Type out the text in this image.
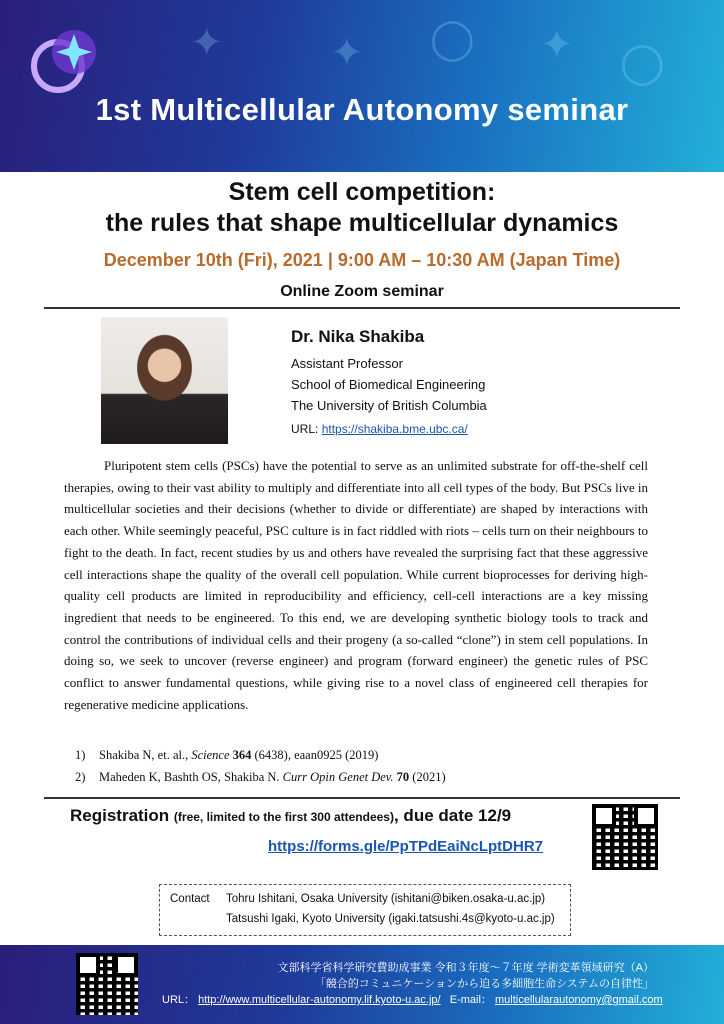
✦	✦ ◯ ✦ ◯
1st Multicellular Autonomy seminar
Stem cell competition:
the rules that shape multicellular dynamics
December 10th (Fri), 2021 | 9:00 AM – 10:30 AM (Japan Time)
Online Zoom seminar
Dr. Nika Shakiba
Assistant Professor
School of Biomedical Engineering
The University of British Columbia
URL: https://shakiba.bme.ubc.ca/
Pluripotent stem cells (PSCs) have the potential to serve as an unlimited substrate for off-the-shelf cell therapies, owing to their vast ability to multiply and differentiate into all cell types of the body. But PSCs live in multicellular societies and their decisions (whether to divide or differentiate) are shaped by interactions with each other. While seemingly peaceful, PSC culture is in fact riddled with riots – cells turn on their neighbours to fight to the death. In fact, recent studies by us and others have revealed the surprising fact that these aggressive cell interactions shape the quality of the overall cell population. While current bioprocesses for deriving high-quality cell products are limited in reproducibility and efficiency, cell-cell interactions are a key missing ingredient that needs to be engineered. To this end, we are developing synthetic biology tools to track and control the contributions of individual cells and their progeny (a so-called “clone”) in stem cell populations. In doing so, we seek to uncover (reverse engineer) and program (forward engineer) the genetic rules of PSC conflict to answer fundamental questions, while giving rise to a novel class of engineered cell therapies for regenerative medicine applications.
1) Shakiba N, et. al., Science 364 (6438), eaan0925 (2019)
2) Maheden K, Bashth OS, Shakiba N. Curr Opin Genet Dev. 70 (2021)
Registration (free, limited to the first 300 attendees), due date 12/9
https://forms.gle/PpTPdEaiNcLptDHR7
Contact Tohru Ishitani, Osaka University (ishitani@biken.osaka-u.ac.jp)
Tatsushi Igaki, Kyoto University (igaki.tatsushi.4s@kyoto-u.ac.jp)
文部科学省科学研究費助成事業 令和３年度〜７年度 学術変革領域研究（A）
「競合的コミュニケーションから迫る多細胞生命システムの自律性」
URL： http://www.multicellular-autonomy.lif.kyoto-u.ac.jp/ E-mail： multicellularautonomy@gmail.com
